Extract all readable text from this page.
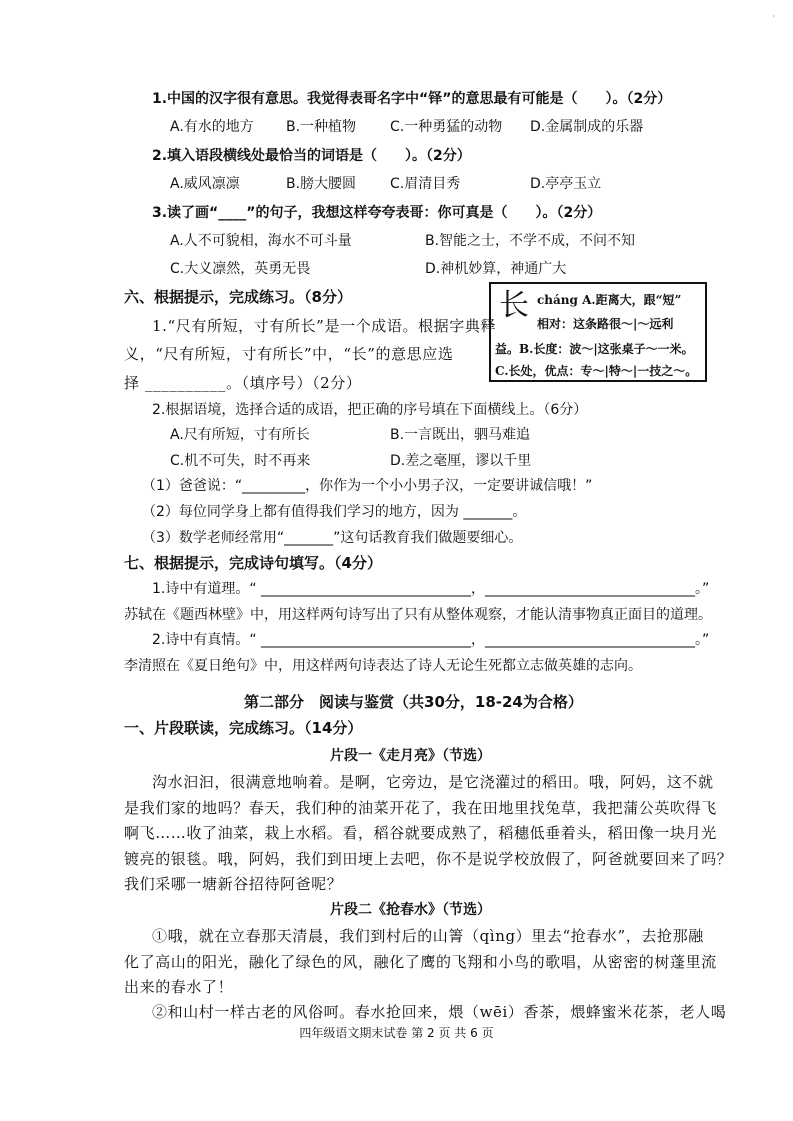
'
1.中国的汉字很有意思。我觉得表哥名字中“铎”的意思最有可能是（　　）。（2分）
A.有水的地方 B.一种植物 C.一种勇猛的动物 D.金属制成的乐器
2.填入语段横线处最恰当的词语是（　　）。（2分）
A.威风凛凛	B.膀大腰圆 C.眉清目秀	D.亭亭玉立
3.读了画“____”的句子，我想这样夸夸表哥：你可真是（　　）。（2分）
A.人不可貌相，海水不可斗量	B.智能之士，不学不成，不问不知
C.大义凛然，英勇无畏	D.神机妙算，神通广大
六、根据提示，完成练习。（8分）
1.“尺有所短，寸有所长”是一个成语。根据字典释
义，“尺有所短，寸有所长”中，“长”的意思应选
择 __________。（填序号）（2分）
长 cháng A.距离大，跟“短”
相对：这条路很～|～远利
益。B.长度：波～|这张桌子～一米。
C.长处，优点：专～|特～|一技之～。
2.根据语境，选择合适的成语，把正确的序号填在下面横线上。（6分）
A.尺有所短，寸有所长	B.一言既出，驷马难追
C.机不可失，时不再来	D.差之毫厘，谬以千里
（1）爸爸说：“_________，你作为一个小小男子汉，一定要讲诚信哦！”
（2）每位同学身上都有值得我们学习的地方，因为 _______。
（3）数学老师经常用“_______”这句话教育我们做题要细心。
七、根据提示，完成诗句填写。（4分）
1.诗中有道理。“ ______________________________，______________________________。”
苏轼在《题西林壁》中，用这样两句诗写出了只有从整体观察，才能认清事物真正面目的道理。
2.诗中有真情。“ ______________________________，______________________________。”
李清照在《夏日绝句》中，用这样两句诗表达了诗人无论生死都立志做英雄的志向。
第二部分　阅读与鉴赏（共30分，18-24为合格）
一、片段联读，完成练习。（14分）
片段一《走月亮》（节选）
沟水汩汩，很满意地响着。是啊，它旁边，是它浇灌过的稻田。哦，阿妈，这不就
是我们家的地吗？春天，我们种的油菜开花了，我在田地里找兔草，我把蒲公英吹得飞
啊飞……收了油菜，栽上水稻。看，稻谷就要成熟了，稻穗低垂着头，稻田像一块月光
镀亮的银毯。哦，阿妈，我们到田埂上去吧，你不是说学校放假了，阿爸就要回来了吗？
我们采哪一塘新谷招待阿爸呢？
片段二《抢春水》（节选）
①哦，就在立春那天清晨，我们到村后的山箐（qìng）里去“抢春水”，去抢那融
化了高山的阳光，融化了绿色的风，融化了鹰的飞翔和小鸟的歌唱，从密密的树蓬里流
出来的春水了！
②和山村一样古老的风俗呵。春水抢回来，煨（wēi）香茶，煨蜂蜜米花茶，老人喝
四年级语文期末试卷 第 2 页 共 6 页
